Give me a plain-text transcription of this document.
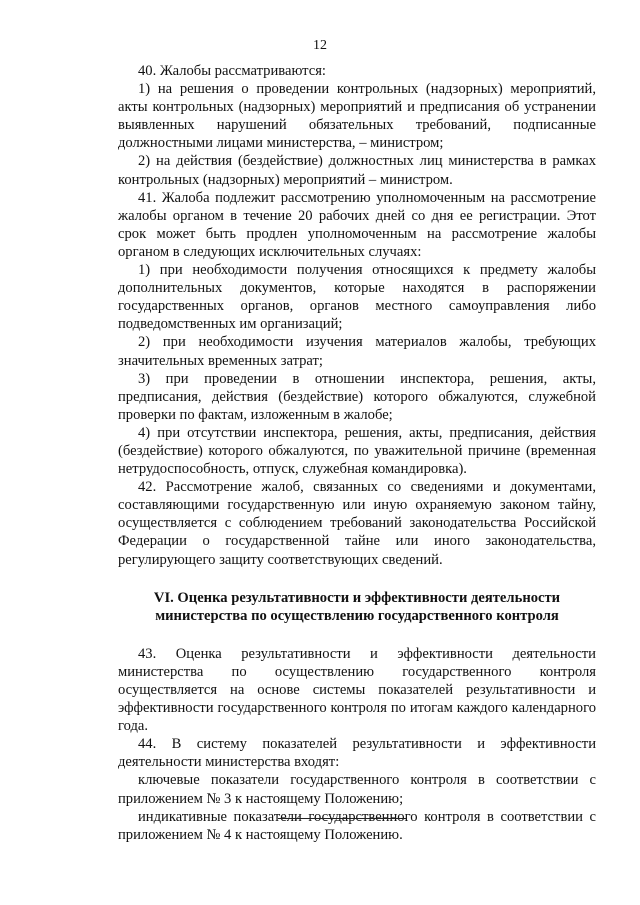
12

40. Жалобы рассматриваются:

1) на решения о проведении контрольных (надзорных) мероприятий, акты контрольных (надзорных) мероприятий и предписания об устранении выявленных нарушений обязательных требований, подписанные должностными лицами министерства, – министром;

2) на действия (бездействие) должностных лиц министерства в рамках контрольных (надзорных) мероприятий – министром.

41. Жалоба подлежит рассмотрению уполномоченным на рассмотрение жалобы органом в течение 20 рабочих дней со дня ее регистрации. Этот срок может быть продлен уполномоченным на рассмотрение жалобы органом в следующих исключительных случаях:

1) при необходимости получения относящихся к предмету жалобы дополнительных документов, которые находятся в распоряжении государственных органов, органов местного самоуправления либо подведомственных им организаций;

2) при необходимости изучения материалов жалобы, требующих значительных временных затрат;

3) при проведении в отношении инспектора, решения, акты, предписания, действия (бездействие) которого обжалуются, служебной проверки по фактам, изложенным в жалобе;

4) при отсутствии инспектора, решения, акты, предписания, действия (бездействие) которого обжалуются, по уважительной причине (временная нетрудоспособность, отпуск, служебная командировка).

42. Рассмотрение жалоб, связанных со сведениями и документами, составляющими государственную или иную охраняемую законом тайну, осуществляется с соблюдением требований законодательства Российской Федерации о государственной тайне или иного законодательства, регулирующего защиту соответствующих сведений.

VI. Оценка результативности и эффективности деятельности министерства по осуществлению государственного контроля

43. Оценка результативности и эффективности деятельности министерства по осуществлению государственного контроля осуществляется на основе системы показателей результативности и эффективности государственного контроля по итогам каждого календарного года.

44. В систему показателей результативности и эффективности деятельности министерства входят:

ключевые показатели государственного контроля в соответствии с приложением № 3 к настоящему Положению;

индикативные показатели государственного контроля в соответствии с приложением № 4 к настоящему Положению.
